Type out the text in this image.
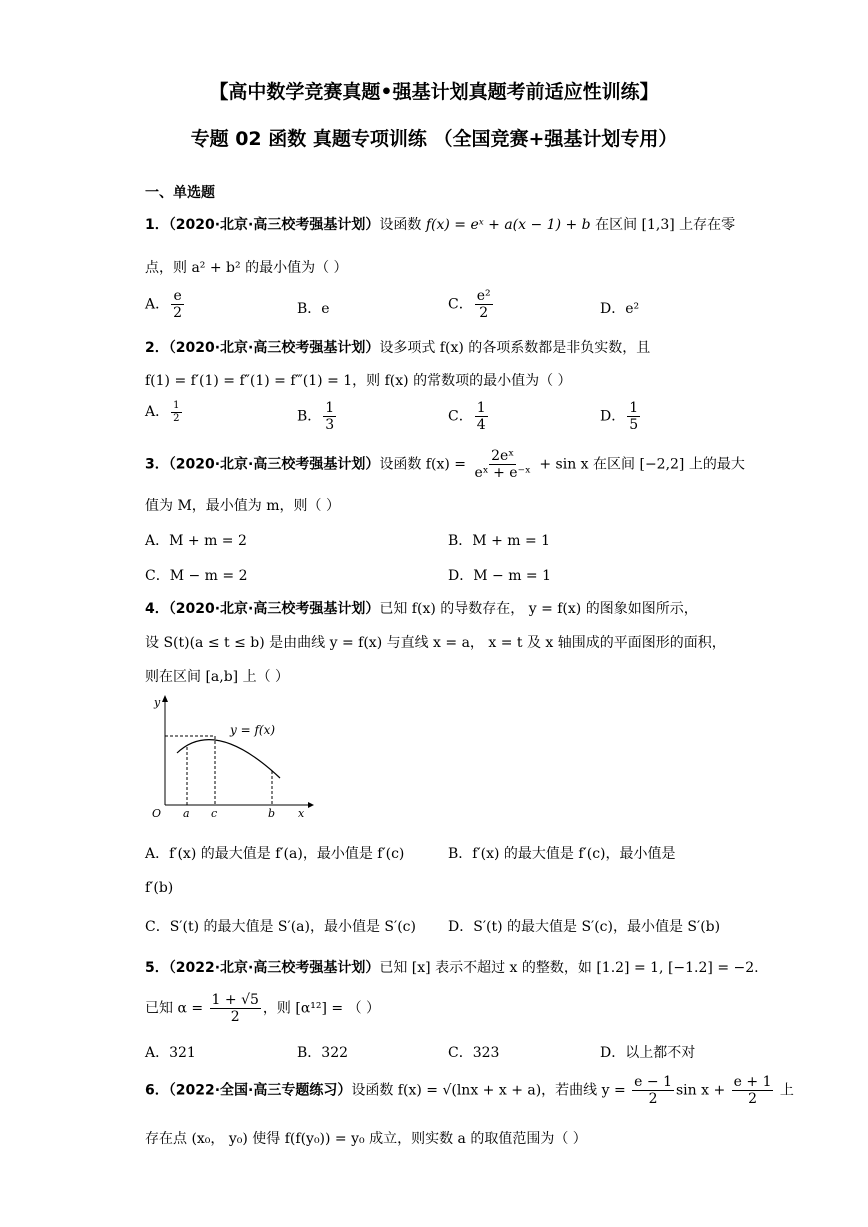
【高中数学竞赛真题•强基计划真题考前适应性训练】
专题 02 函数 真题专项训练 （全国竞赛+强基计划专用）
一、单选题
1．（2020·北京·高三校考强基计划）设函数 f(x) = eˣ + a(x − 1) + b 在区间 [1,3] 上存在零
点，则 a² + b² 的最小值为（ ）
A． $\frac{e}{2}$	B．e	C． $\frac{\text{e²}}{2}$	D．e²
2．（2020·北京·高三校考强基计划）设多项式 f(x) 的各项系数都是非负实数，且
f(1) = f′(1) = f″(1) = f‴(1) = 1，则 f(x) 的常数项的最小值为（ ）
A． $\frac{1}{2}$	B． $\frac{1}{3}$	C． $\frac{1}{4}$	D． $\frac{1}{5}$
3．（2020·北京·高三校考强基计划）设函数 $f(x) = \frac{\text{2eˣ}}{\text{eˣ + e⁻ˣ}} + \sin x$ 在区间 [−2,2] 上的最大
值为 M，最小值为 m，则（ ）
A．M + m = 2	B．M + m = 1
C．M − m = 2	D．M − m = 1
4．（2020·北京·高三校考强基计划）已知 f(x) 的导数存在， y = f(x) 的图象如图所示，
设 S(t)(a ≤ t ≤ b) 是由曲线 y = f(x) 与直线 x = a， x = t 及 x 轴围成的平面图形的面积，
则在区间 [a,b] 上（ ）
y = f(x)
y
x
O a c	b
A．f′(x) 的最大值是 f′(a)，最小值是 f′(c)	B．f′(x) 的最大值是 f′(c)，最小值是
f′(b)
C．S′(t) 的最大值是 S′(a)，最小值是 S′(c) D．S′(t) 的最大值是 S′(c)，最小值是 S′(b)
5．（2022·北京·高三校考强基计划）已知 [x] 表示不超过 x 的整数，如 [1.2] = 1, [−1.2] = −2.
已知 $\alpha = \frac{1 + √5}{2}$ ，则 [α¹²] = （ ）
A．321	B．322	C．323	D．以上都不对
6．（2022·全国·高三专题练习）设函数 f(x) = √(lnx + x + a)，若曲线 $y = \frac{e - 1}{2}$ $\sin x + \frac{e + 1}{2}$ 上
存在点 (x₀， y₀) 使得 f(f(y₀)) = y₀ 成立，则实数 a 的取值范围为（ ）
